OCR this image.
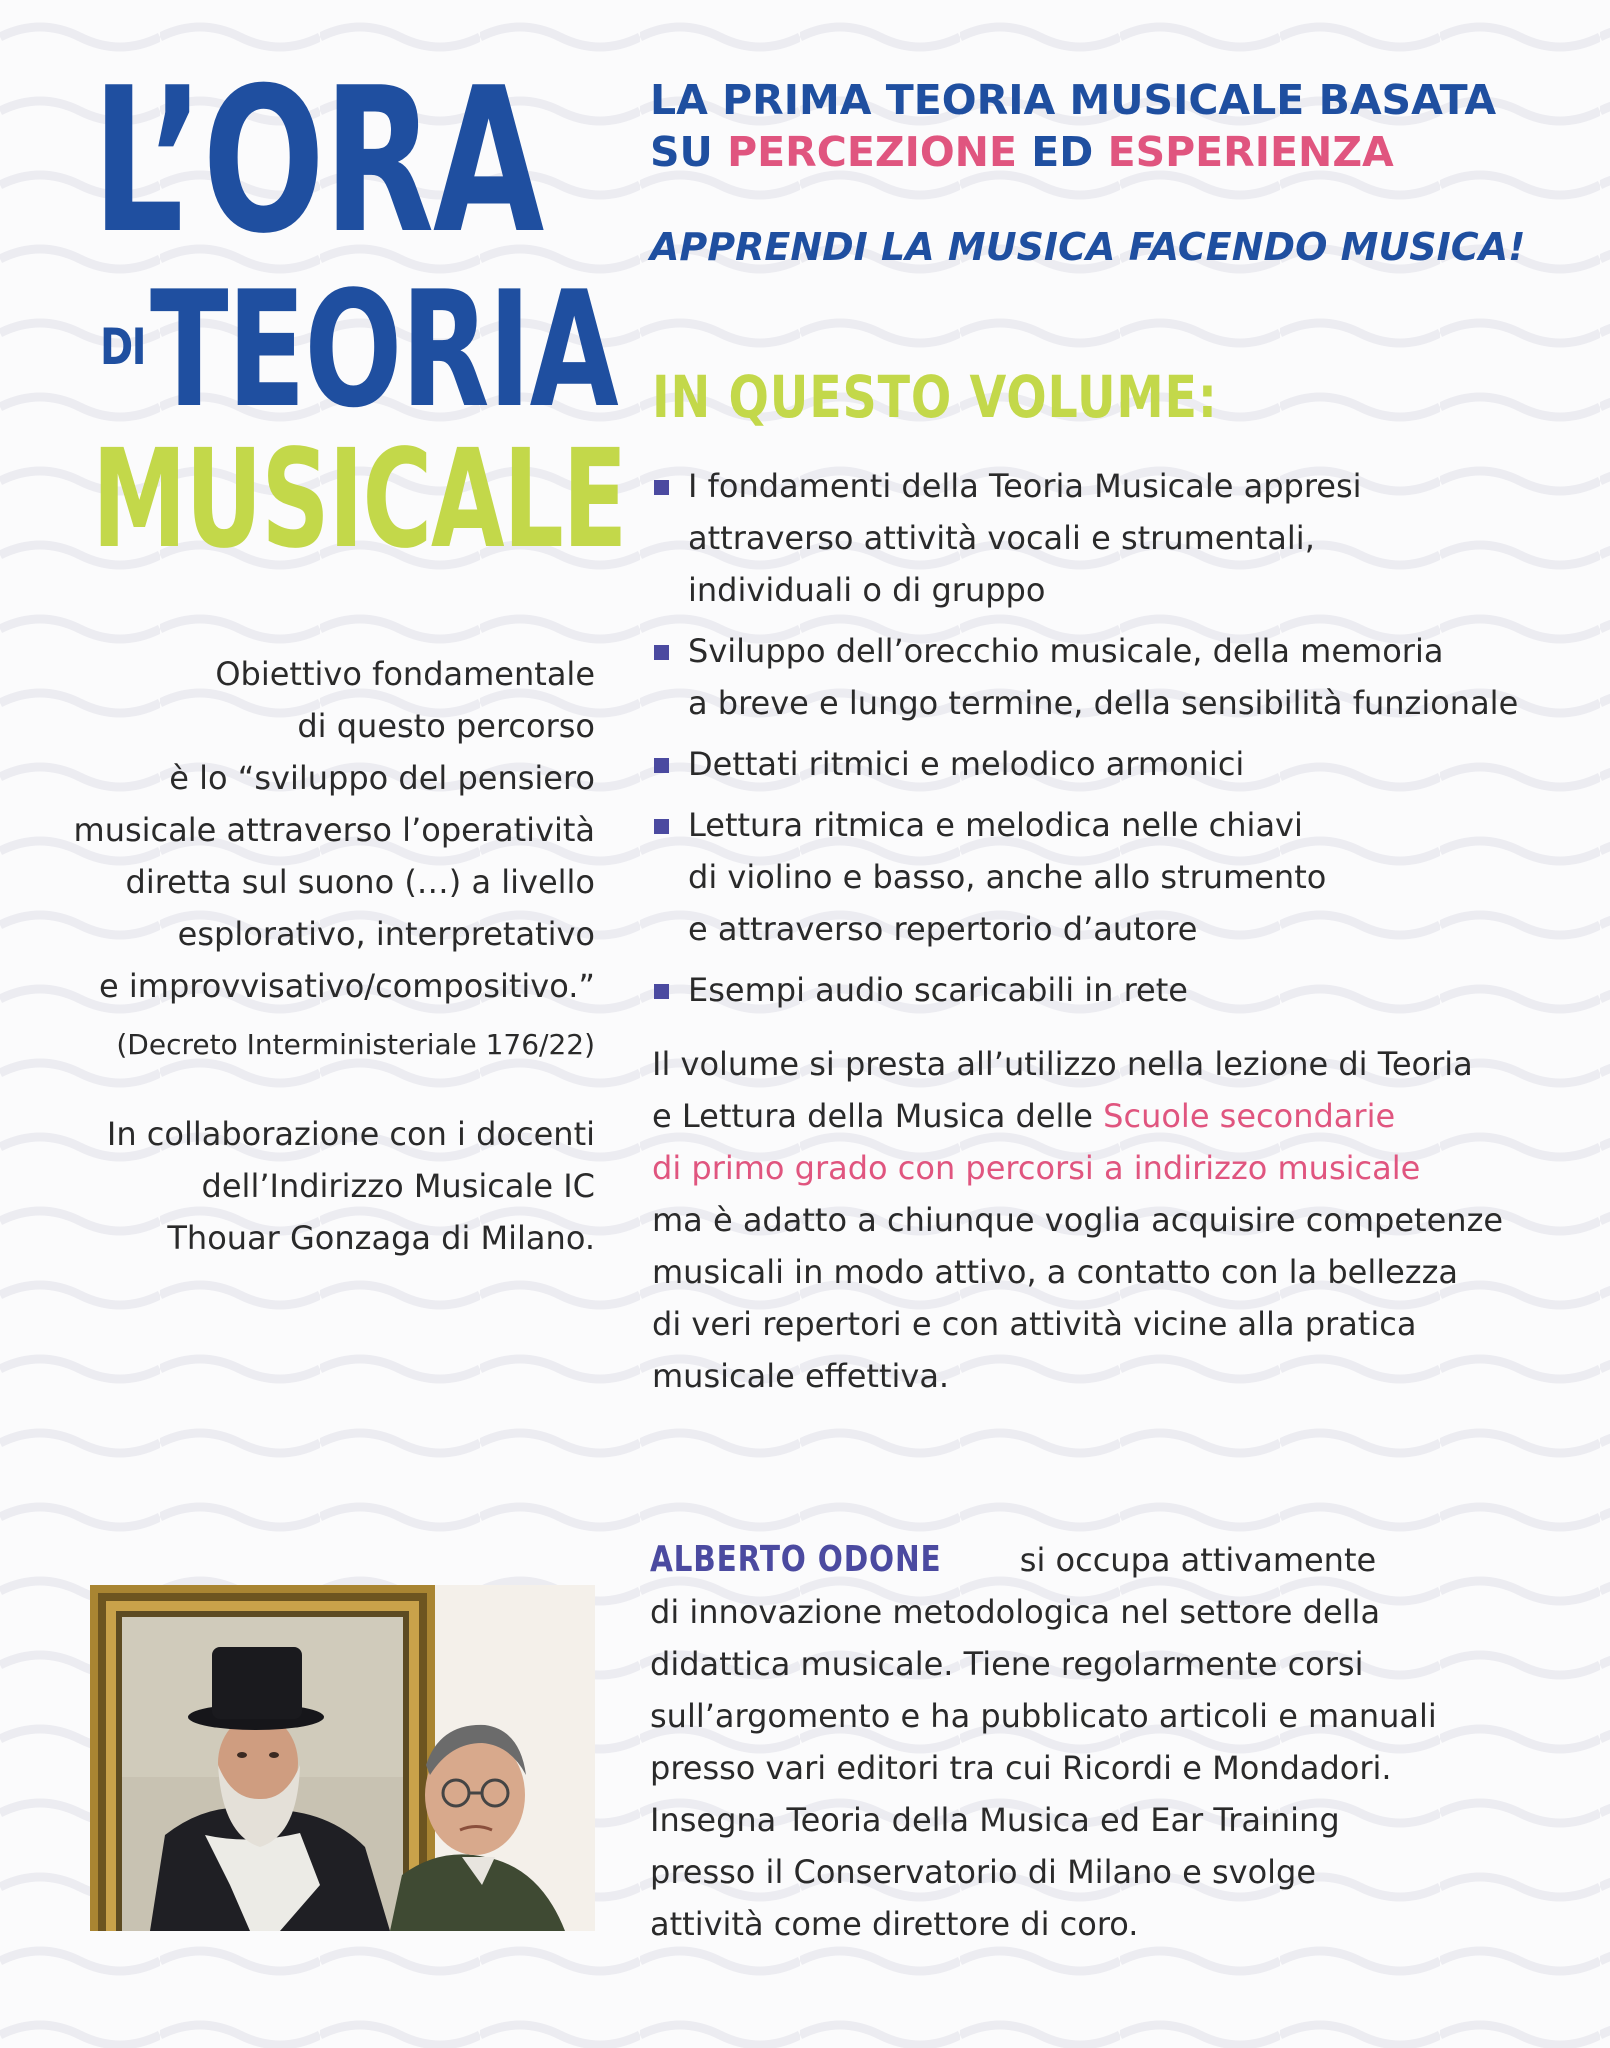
L’ORA
DI TEORIA
MUSICALE
LA PRIMA TEORIA MUSICALE BASATA
SU PERCEZIONE ED ESPERIENZA

APPRENDI LA MUSICA FACENDO MUSICA!

IN QUESTO VOLUME:
I fondamenti della Teoria Musicale appresi
attraverso attività vocali e strumentali,
individuali o di gruppo
Sviluppo dell’orecchio musicale, della memoria
a breve e lungo termine, della sensibilità funzionale
Dettati ritmici e melodico armonici
Lettura ritmica e melodica nelle chiavi
di violino e basso, anche allo strumento
e attraverso repertorio d’autore
Esempi audio scaricabili in rete

Il volume si presta all’utilizzo nella lezione di Teoria
e Lettura della Musica delle Scuole secondarie
di primo grado con percorsi a indirizzo musicale
ma è adatto a chiunque voglia acquisire competenze
musicali in modo attivo, a contatto con la bellezza
di veri repertori e con attività vicine alla pratica
musicale effettiva.

Obiettivo fondamentale
di questo percorso
è lo “sviluppo del pensiero
musicale attraverso l’operatività
diretta sul suono (…) a livello
esplorativo, interpretativo
e improvvisativo/compositivo.”

(Decreto Interministeriale 176/22)

In collaborazione con i docenti
dell’Indirizzo Musicale IC
Thouar Gonzaga di Milano.

ALBERTO ODONE si occupa attivamente
di innovazione metodologica nel settore della
didattica musicale. Tiene regolarmente corsi
sull’argomento e ha pubblicato articoli e manuali
presso vari editori tra cui Ricordi e Mondadori.
Insegna Teoria della Musica ed Ear Training
presso il Conservatorio di Milano e svolge
attività come direttore di coro.
